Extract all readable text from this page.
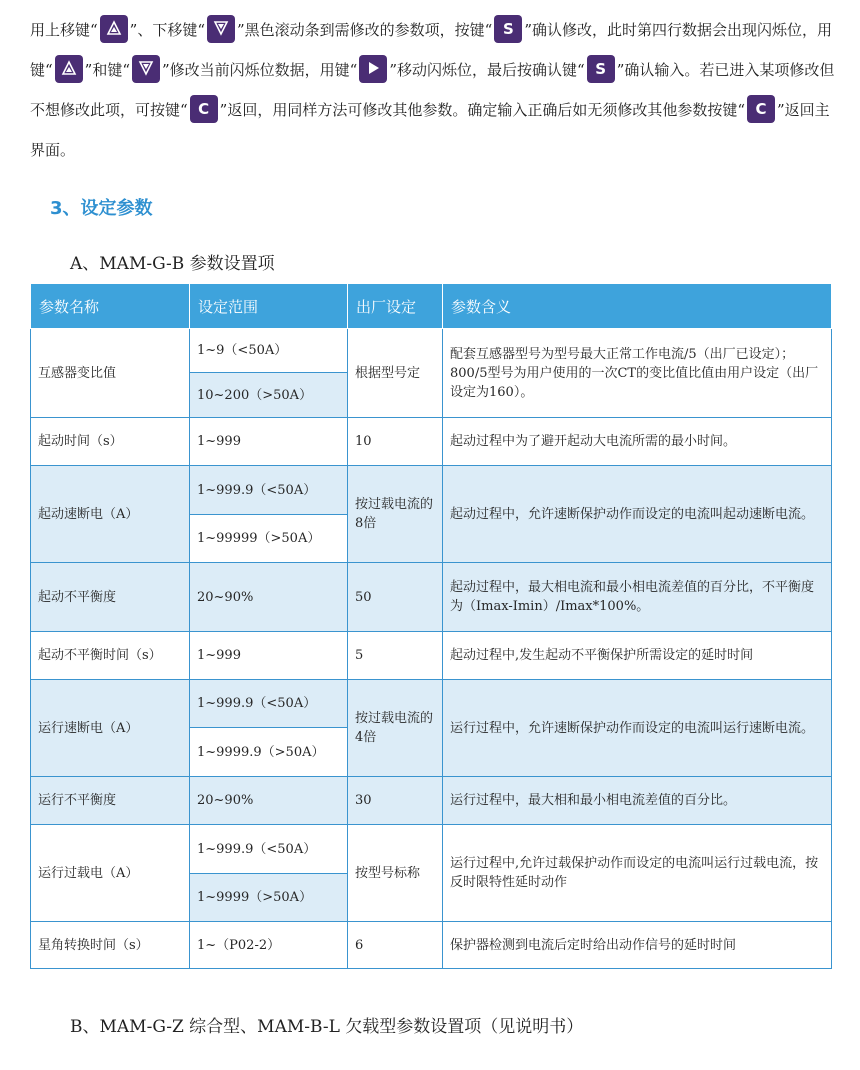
用上移键“ ”、下移键“ ”黑色滚动条到需修改的参数项，按键“ S ”确认修改，此时第四行数据会出现闪烁位，用键“ ”和键“ ”修改当前闪烁位数据，用键“ ”移动闪烁位，最后按确认键“ S ”确认输入。若已进入某项修改但不想修改此项，可按键“ C ”返回，用同样方法可修改其他参数。确定输入正确后如无须修改其他参数按键“ C ”返回主界面。

3、设定参数
A、MAM-G-B 参数设置项
参数名称	设定范围	出厂设定	参数含义
互感器变比值	1~9（<50A）	根据型号定	配套互感器型号为型号最大正常工作电流/5（出厂已设定）；800/5型号为用户使用的一次CT的变比值比值由用户设定（出厂设定为160）。
	10~200（>50A）		
起动时间（s）	1~999	10	起动过程中为了避开起动大电流所需的最小时间。
起动速断电（A）	1~999.9（<50A）	按过载电流的8倍	起动过程中，允许速断保护动作而设定的电流叫起动速断电流。
	1~99999（>50A）		
起动不平衡度	20~90%	50	起动过程中，最大相电流和最小相电流差值的百分比，不平衡度为（Imax-Imin）/Imax*100%。
起动不平衡时间（s）	1~999	5	起动过程中,发生起动不平衡保护所需设定的延时时间
运行速断电（A）	1~999.9（<50A）	按过载电流的4倍	运行过程中，允许速断保护动作而设定的电流叫运行速断电流。
	1~9999.9（>50A）		
运行不平衡度	20~90%	30	运行过程中，最大相和最小相电流差值的百分比。
运行过载电（A）	1~999.9（<50A）	按型号标称	运行过程中,允许过载保护动作而设定的电流叫运行过载电流，按反时限特性延时动作
	1~9999（>50A）		
星角转换时间（s）	1~（P02-2）	6	保护器检测到电流后定时给出动作信号的延时时间
B、MAM-G-Z 综合型、MAM-B-L 欠载型参数设置项（见说明书）
